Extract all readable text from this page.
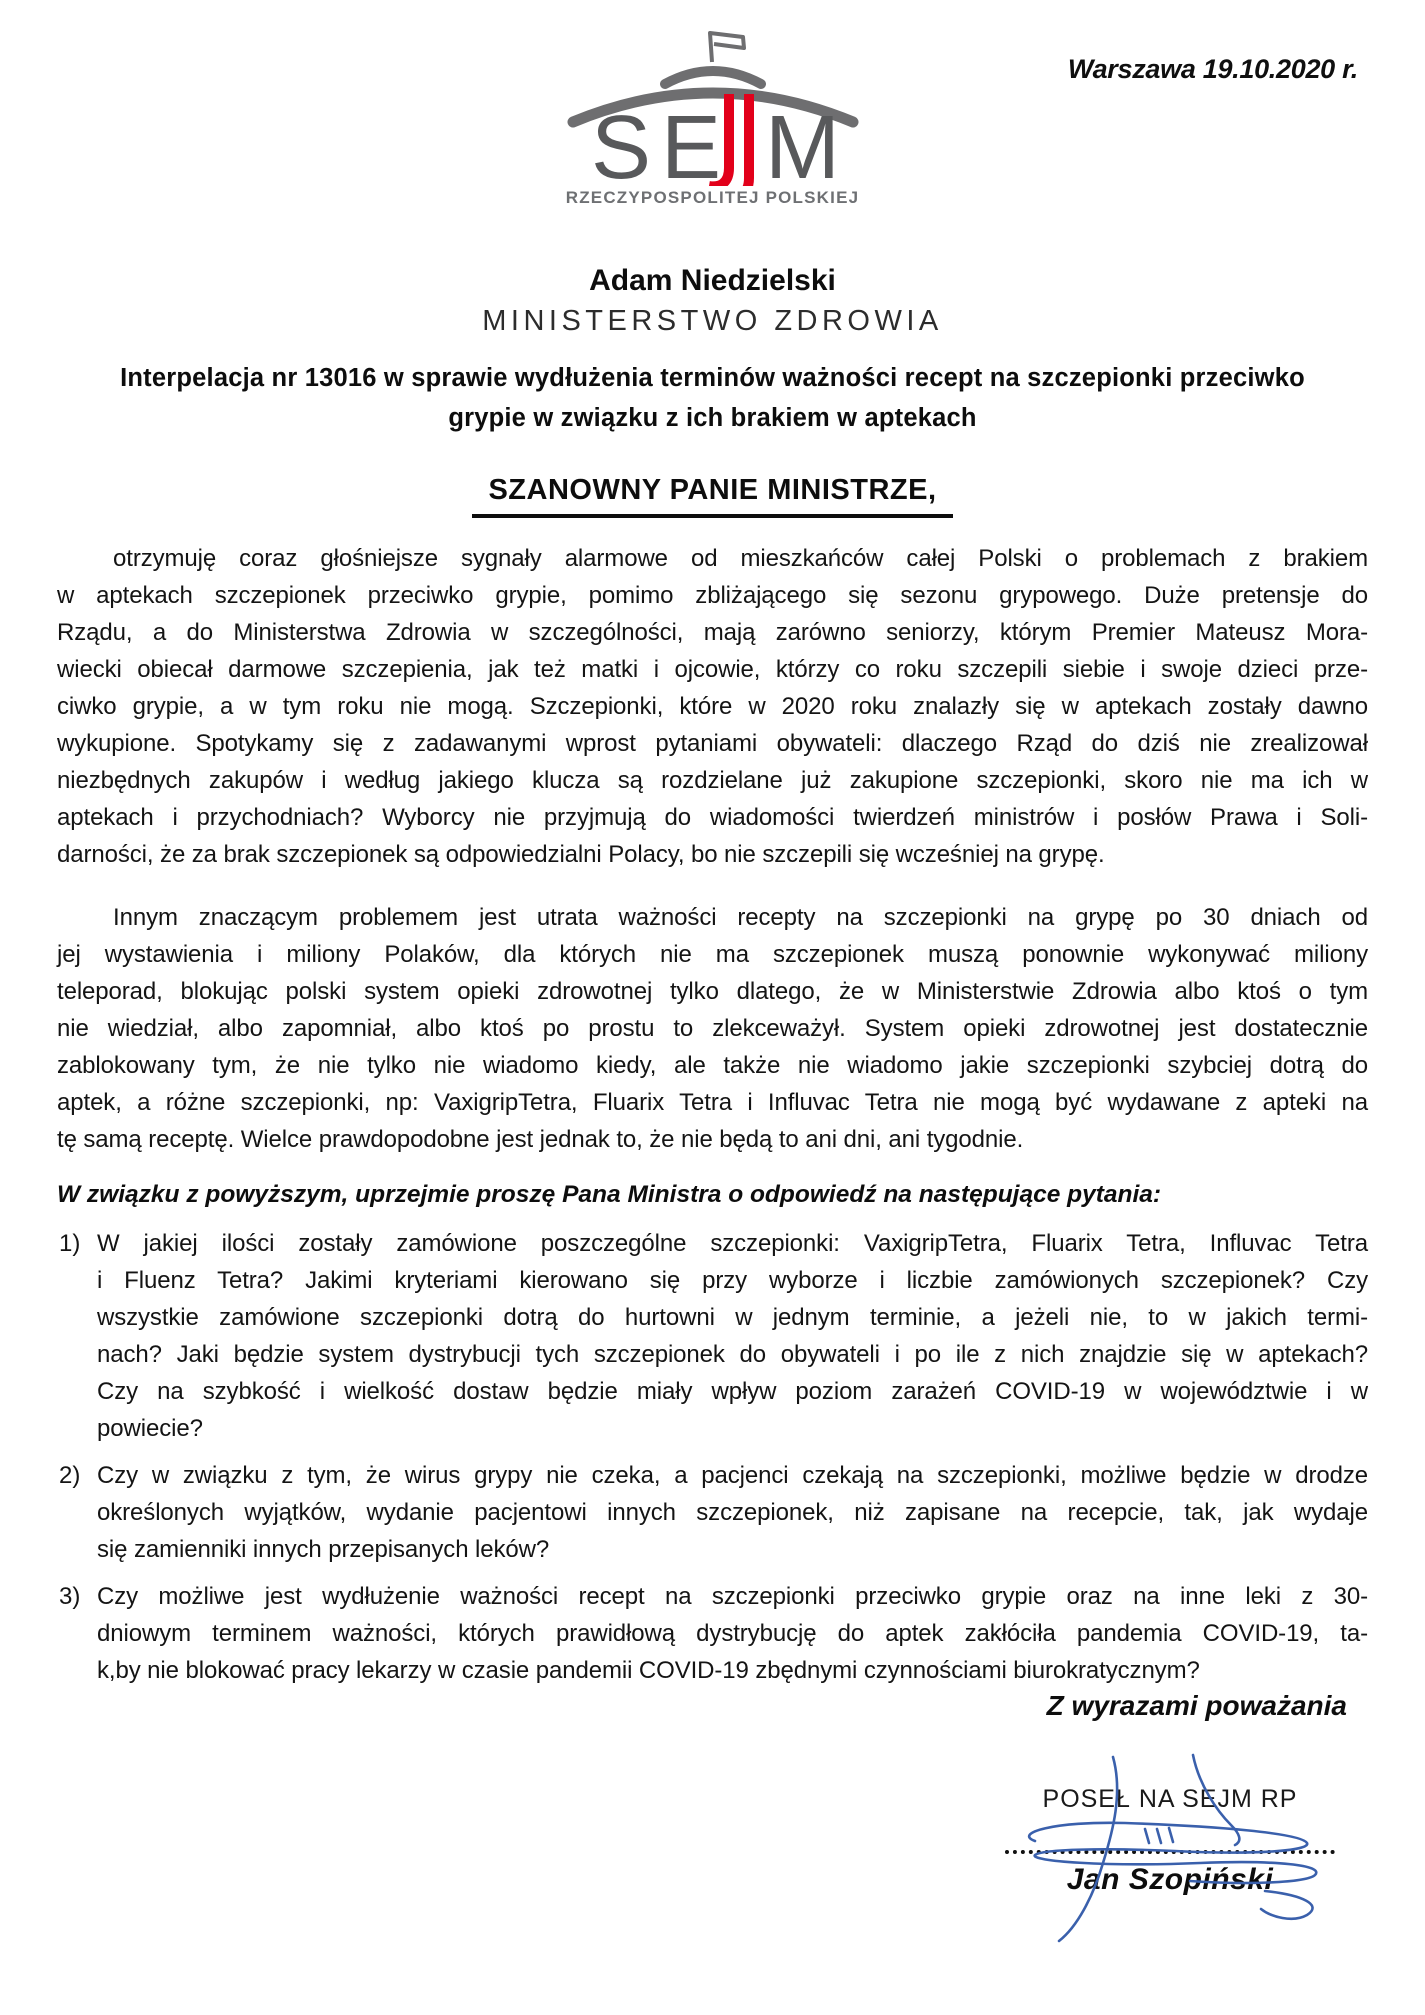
Warszawa 19.10.2020 r.
S E M
RZECZYPOSPOLITEJ POLSKIEJ
Adam Niedzielski
MINISTERSTWO ZDROWIA
Interpelacja nr 13016 w sprawie wydłużenia terminów ważności recept na szczepionki przeciwko
grypie w związku z ich brakiem w aptekach
SZANOWNY PANIE MINISTRZE,
otrzymuję coraz głośniejsze sygnały alarmowe od mieszkańców całej Polski o problemach z brakiem
w aptekach szczepionek przeciwko grypie, pomimo zbliżającego się sezonu grypowego. Duże pretensje do
Rządu, a do Ministerstwa Zdrowia w szczególności, mają zarówno seniorzy, którym Premier Mateusz Mora-
wiecki obiecał darmowe szczepienia, jak też matki i ojcowie, którzy co roku szczepili siebie i swoje dzieci prze-
ciwko grypie, a w tym roku nie mogą. Szczepionki, które w 2020 roku znalazły się w aptekach zostały dawno
wykupione. Spotykamy się z zadawanymi wprost pytaniami obywateli: dlaczego Rząd do dziś nie zrealizował
niezbędnych zakupów i według jakiego klucza są rozdzielane już zakupione szczepionki, skoro nie ma ich w
aptekach i przychodniach? Wyborcy nie przyjmują do wiadomości twierdzeń ministrów i posłów Prawa i Soli-
darności, że za brak szczepionek są odpowiedzialni Polacy, bo nie szczepili się wcześniej na grypę.
Innym znaczącym problemem jest utrata ważności recepty na szczepionki na grypę po 30 dniach od
jej wystawienia i miliony Polaków, dla których nie ma szczepionek muszą ponownie wykonywać miliony
teleporad, blokując polski system opieki zdrowotnej tylko dlatego, że w Ministerstwie Zdrowia albo ktoś o tym
nie wiedział, albo zapomniał, albo ktoś po prostu to zlekceważył. System opieki zdrowotnej jest dostatecznie
zablokowany tym, że nie tylko nie wiadomo kiedy, ale także nie wiadomo jakie szczepionki szybciej dotrą do
aptek, a różne szczepionki, np: VaxigripTetra, Fluarix Tetra i Influvac Tetra nie mogą być wydawane z apteki na
tę samą receptę. Wielce prawdopodobne jest jednak to, że nie będą to ani dni, ani tygodnie.
W związku z powyższym, uprzejmie proszę Pana Ministra o odpowiedź na następujące pytania:
1) W jakiej ilości zostały zamówione poszczególne szczepionki: VaxigripTetra, Fluarix Tetra, Influvac Tetra
i Fluenz Tetra? Jakimi kryteriami kierowano się przy wyborze i liczbie zamówionych szczepionek? Czy
wszystkie zamówione szczepionki dotrą do hurtowni w jednym terminie, a jeżeli nie, to w jakich termi-
nach? Jaki będzie system dystrybucji tych szczepionek do obywateli i po ile z nich znajdzie się w aptekach?
Czy na szybkość i wielkość dostaw będzie miały wpływ poziom zarażeń COVID-19 w województwie i w
powiecie?
2) Czy w związku z tym, że wirus grypy nie czeka, a pacjenci czekają na szczepionki, możliwe będzie w drodze
określonych wyjątków, wydanie pacjentowi innych szczepionek, niż zapisane na recepcie, tak, jak wydaje
się zamienniki innych przepisanych leków?
3) Czy możliwe jest wydłużenie ważności recept na szczepionki przeciwko grypie oraz na inne leki z 30-
dniowym terminem ważności, których prawidłową dystrybucję do aptek zakłóciła pandemia COVID-19, ta-
k,by nie blokować pracy lekarzy w czasie pandemii COVID-19 zbędnymi czynnościami biurokratycznym?
Z wyrazami poważania
POSEŁ NA SEJM RP
Jan Szopiński
